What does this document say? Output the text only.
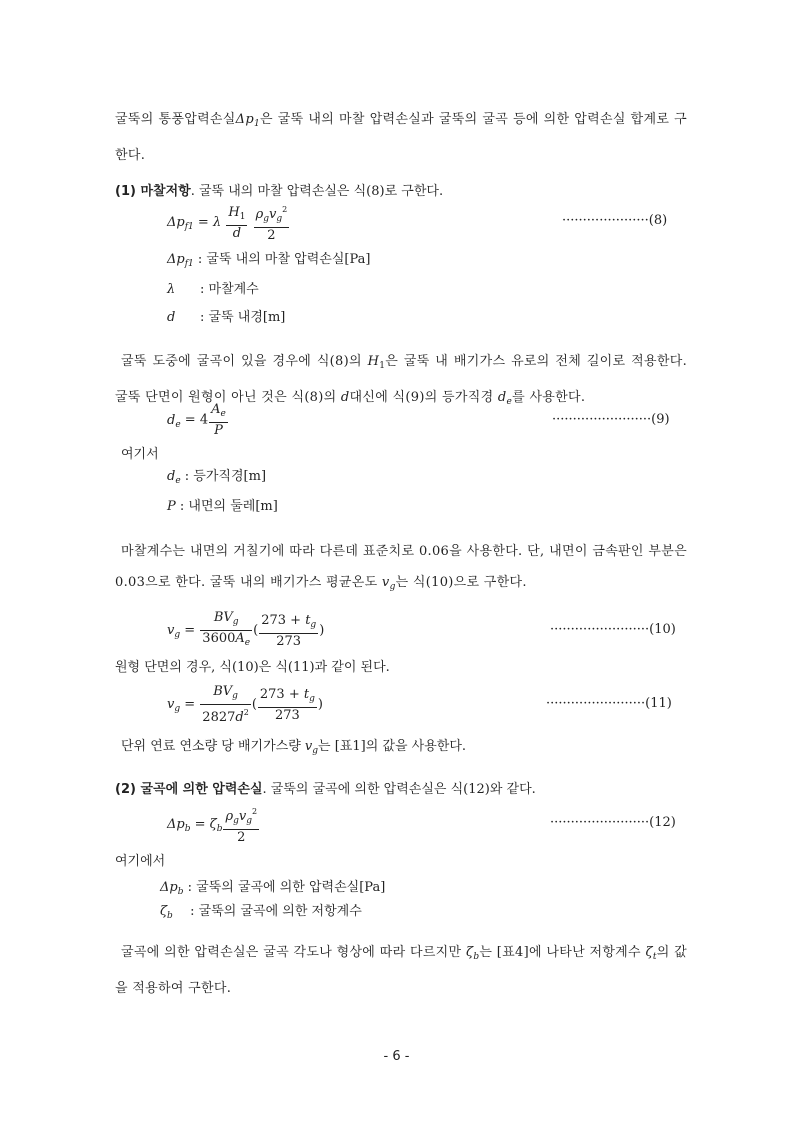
굴뚝의 통풍압력손실$\Delta p_1$은 굴뚝 내의 마찰 압력손실과 굴뚝의 굴곡 등에 의한 압력손실 합계로 구한다.
(1) 마찰저항. 굴뚝 내의 마찰 압력손실은 식(8)로 구한다.
$\Delta p_{f1} = \lambda \frac{H_1}{d}$
$\frac{\rho_gv_g^2}{2}$	·····················(8)
$\Delta p_{f1}$ : 굴뚝 내의 마찰 압력손실[Pa]
λ : 마찰계수
d : 굴뚝 내경[m]
굴뚝 도중에 굴곡이 있을 경우에 식(8)의 $H_1$은 굴뚝 내 배기가스 유로의 전체 길이로 적용한다. 굴뚝 단면이 원형이 아닌 것은 식(8)의 d대신에 식(9)의 등가직경 $d_e$를 사용한다.
$d_e = 4 \frac{A_e}{P}$	························(9)
여기서
$d_e$ : 등가직경[m]
P : 내면의 둘레[m]
마찰계수는 내면의 거칠기에 따라 다른데 표준치로 0.06을 사용한다. 단, 내면이 금속판인 부분은 0.03으로 한다. 굴뚝 내의 배기가스 평균온도 $v_g$는 식(10)으로 구한다.
$v_g = \frac{BV_g}{3600A_e}$ ( $\frac{273 + t_g}{273}$ )	························(10)
원형 단면의 경우, 식(10)은 식(11)과 같이 된다.
$v_g = \frac{BV_g}{2827d^2}$ ( $\frac{273 + t_g}{273}$ )	························(11)
단위 연료 연소량 당 배기가스량 $v_g$는 [표1]의 값을 사용한다.
(2) 굴곡에 의한 압력손실. 굴뚝의 굴곡에 의한 압력손실은 식(12)와 같다.
$\Delta p_b = \zeta_b \frac{\rho_gv_g^2}{2}$	························(12)
여기에서
$\Delta p_b$ : 굴뚝의 굴곡에 의한 압력손실[Pa]
$\zeta_b$ : 굴뚝의 굴곡에 의한 저항계수
굴곡에 의한 압력손실은 굴곡 각도나 형상에 따라 다르지만 $\zeta_b$는 [표4]에 나타난 저항계수 $\zeta_t$의 값을 적용하여 구한다.
- 6 -
